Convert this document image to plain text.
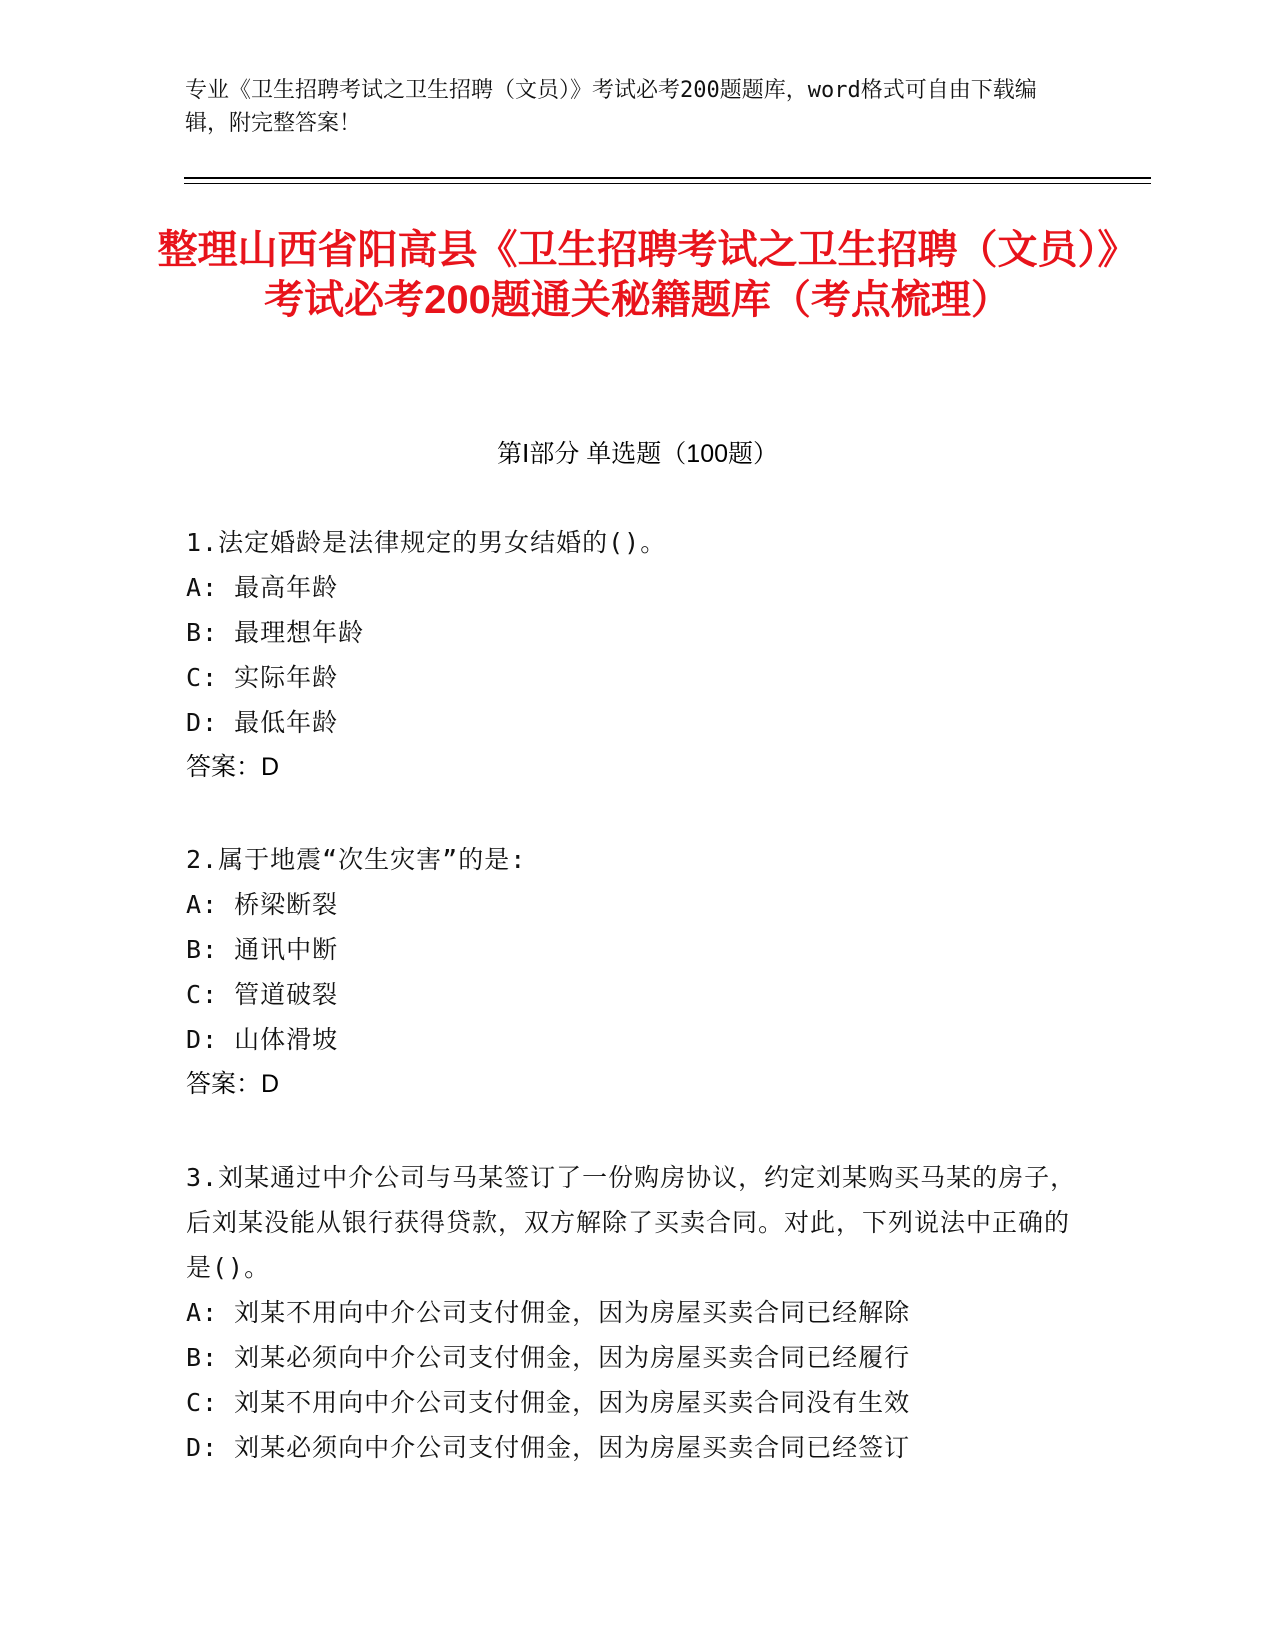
专业《卫生招聘考试之卫生招聘（文员）》考试必考200题题库，word格式可自由下载编辑，附完整答案！

整理山西省阳高县《卫生招聘考试之卫生招聘（文员）》考试必考200题通关秘籍题库（考点梳理）
第Ⅰ部分 单选题（100题）

1.法定婚龄是法律规定的男女结婚的()。

A: 最高年龄

B: 最理想年龄

C: 实际年龄

D: 最低年龄

答案：D

2.属于地震“次生灾害”的是:

A: 桥梁断裂

B: 通讯中断

C: 管道破裂

D: 山体滑坡

答案：D

3.刘某通过中介公司与马某签订了一份购房协议，约定刘某购买马某的房子，后刘某没能从银行获得贷款，双方解除了买卖合同。对此，下列说法中正确的是()。

A: 刘某不用向中介公司支付佣金，因为房屋买卖合同已经解除

B: 刘某必须向中介公司支付佣金，因为房屋买卖合同已经履行

C: 刘某不用向中介公司支付佣金，因为房屋买卖合同没有生效

D: 刘某必须向中介公司支付佣金，因为房屋买卖合同已经签订
